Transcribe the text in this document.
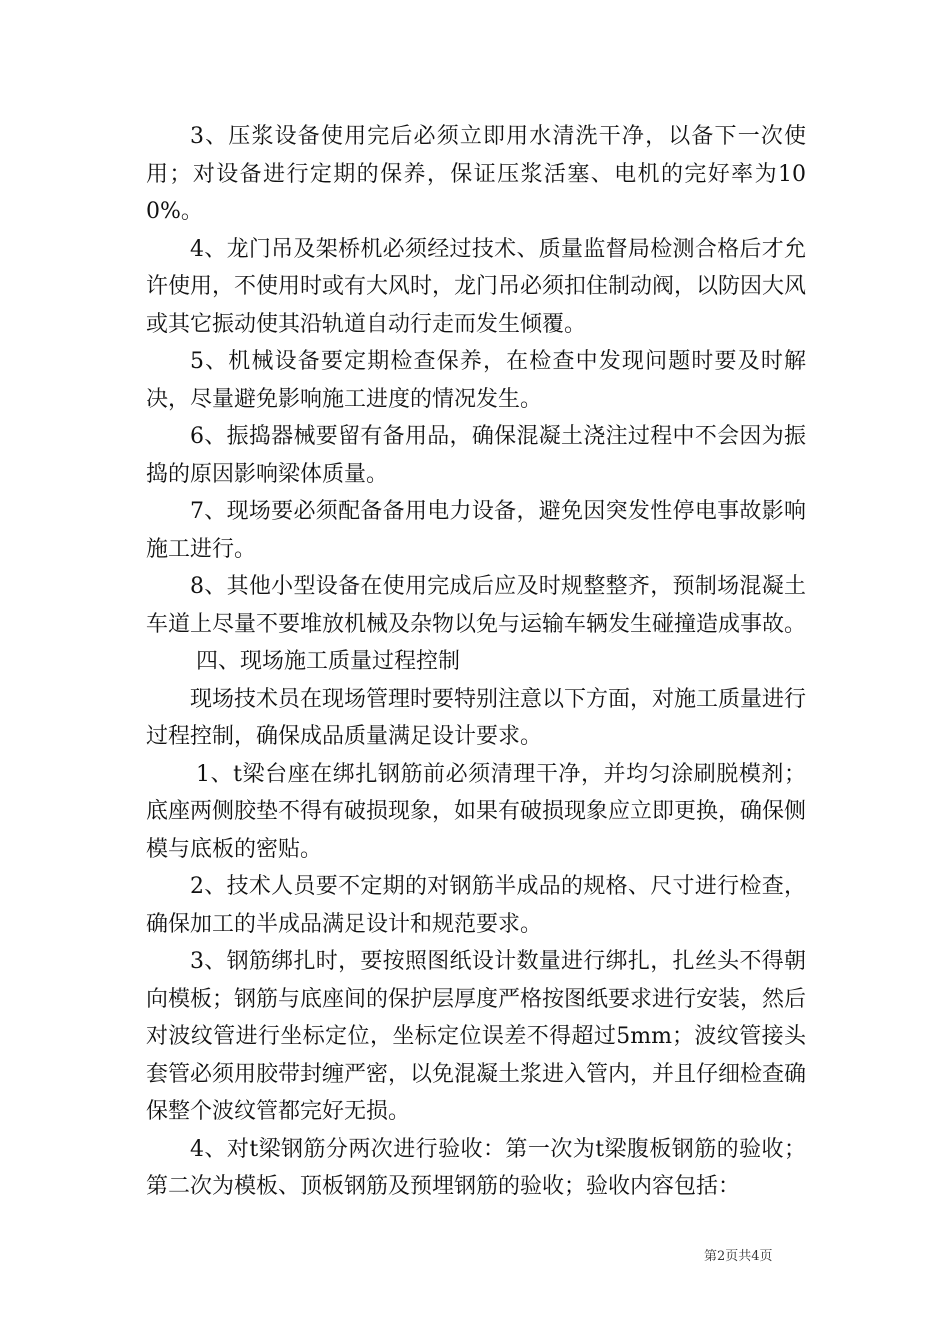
3、压浆设备使用完后必须立即用水清洗干净，以备下一次使用；对设备进行定期的保养，保证压浆活塞、电机的完好率为100%。

4、龙门吊及架桥机必须经过技术、质量监督局检测合格后才允许使用，不使用时或有大风时，龙门吊必须扣住制动阀，以防因大风或其它振动使其沿轨道自动行走而发生倾覆。

5、机械设备要定期检查保养，在检查中发现问题时要及时解决，尽量避免影响施工进度的情况发生。

6、振捣器械要留有备用品，确保混凝土浇注过程中不会因为振捣的原因影响梁体质量。

7、现场要必须配备备用电力设备，避免因突发性停电事故影响施工进行。

8、其他小型设备在使用完成后应及时规整整齐，预制场混凝土车道上尽量不要堆放机械及杂物以免与运输车辆发生碰撞造成事故。

四、现场施工质量过程控制

现场技术员在现场管理时要特别注意以下方面，对施工质量进行过程控制，确保成品质量满足设计要求。

1、t梁台座在绑扎钢筋前必须清理干净，并均匀涂刷脱模剂；底座两侧胶垫不得有破损现象，如果有破损现象应立即更换，确保侧模与底板的密贴。

2、技术人员要不定期的对钢筋半成品的规格、尺寸进行检查，确保加工的半成品满足设计和规范要求。

3、钢筋绑扎时，要按照图纸设计数量进行绑扎，扎丝头不得朝向模板；钢筋与底座间的保护层厚度严格按图纸要求进行安装，然后对波纹管进行坐标定位，坐标定位误差不得超过5mm；波纹管接头套管必须用胶带封缠严密，以免混凝土浆进入管内，并且仔细检查确保整个波纹管都完好无损。

4、对t梁钢筋分两次进行验收：第一次为t梁腹板钢筋的验收；第二次为模板、顶板钢筋及预埋钢筋的验收；验收内容包括：

第2页共4页
